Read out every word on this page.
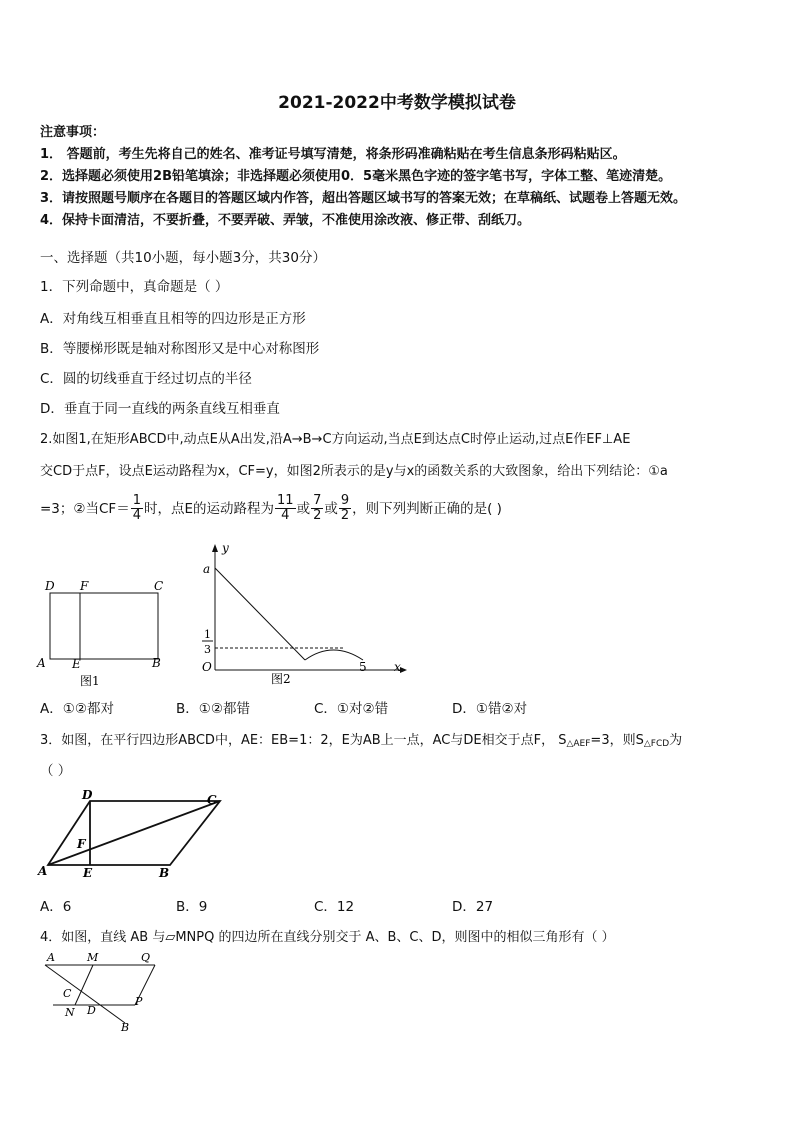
2021-2022中考数学模拟试卷
注意事项：
1． 答题前，考生先将自己的姓名、准考证号填写清楚，将条形码准确粘贴在考生信息条形码粘贴区。
2．选择题必须使用2B铅笔填涂；非选择题必须使用0．5毫米黑色字迹的签字笔书写，字体工整、笔迹清楚。
3．请按照题号顺序在各题目的答题区域内作答，超出答题区域书写的答案无效；在草稿纸、试题卷上答题无效。
4．保持卡面清洁，不要折叠，不要弄破、弄皱，不准使用涂改液、修正带、刮纸刀。
一、选择题（共10小题，每小题3分，共30分）
1．下列命题中，真命题是（ ）
A．对角线互相垂直且相等的四边形是正方形
B．等腰梯形既是轴对称图形又是中心对称图形
C．圆的切线垂直于经过切点的半径
D．垂直于同一直线的两条直线互相垂直
2.如图1,在矩形ABCD中,动点E从A出发,沿A→B→C方向运动,当点E到达点C时停止运动,过点E作EF⊥AE
交CD于点F，设点E运动路程为x，CF=y，如图2所表示的是y与x的函数关系的大致图象，给出下列结论：①a
=3；②当$CF= \frac{1}{4}$ 时，点E的运动路程为 $\frac{11}{4}$ 或 $\frac{7}{2}$ 或 $\frac{9}{2}$ ，则下列判断正确的是( )
D F	C
A E	B
图1
y
a
1
3
O	5 x
图2
A．①②都对	B．①②都错	C．①对②错	D．①错②对
3．如图，在平行四边形ABCD中，AE：EB=1：2，E为AB上一点，AC与DE相交于点F， $S_{\triangle AEF}=3$，则$S_{\triangle FCD}$为
（ ）
D	C
F
A	E	B
A．6	B．9	C．12	D．27
4．如图，直线 AB 与▱MNPQ 的四边所在直线分别交于 A、B、C、D，则图中的相似三角形有（ ）
A	M	Q
C
P
N D
B
